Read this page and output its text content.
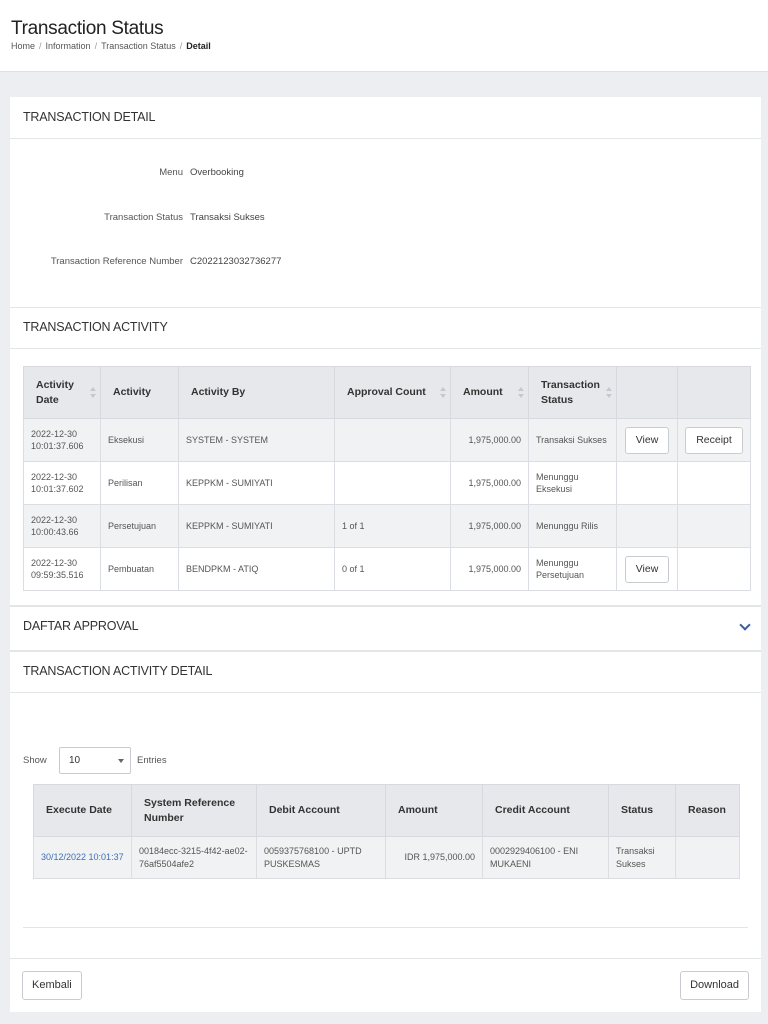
Transaction Status
Home / Information / Transaction Status / Detail
TRANSACTION DETAIL
Menu Overbooking
Transaction Status Transaksi Sukses
Transaction Reference Number C2022123032736277
TRANSACTION ACTIVITY
Activity Date	Activity	Activity By	Approval Count	Amount	Transaction Status

2022-12-30 10:01:37.606	Eksekusi	SYSTEM - SYSTEM		1,975,000.00	Transaksi Sukses	View	Receipt
2022-12-30 10:01:37.602	Perilisan	KEPPKM - SUMIYATI		1,975,000.00	Menunggu Eksekusi		
2022-12-30 10:00:43.66	Persetujuan	KEPPKM - SUMIYATI	1 of 1	1,975,000.00	Menunggu Rilis		
2022-12-30 09:59:35.516	Pembuatan	BENDPKM - ATIQ	0 of 1	1,975,000.00	Menunggu Persetujuan	View	
DAFTAR APPROVAL
TRANSACTION ACTIVITY DETAIL
Execute Date	System Reference Number	Debit Account	Amount	Credit Account	Status	Reason
30/12/2022 10:01:37	00184ecc-3215-4f42-ae02-76af5504afe2	0059375768100 - UPTD PUSKESMAS	IDR 1,975,000.00	0002929406100 - ENI MUKAENI	Transaksi Sukses	
Show 10	Entries
Kembali	Download
